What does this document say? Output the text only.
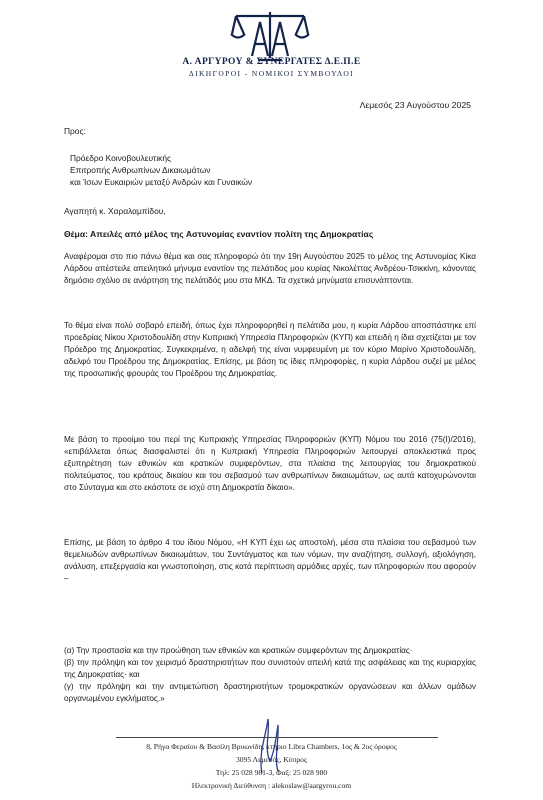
Α. ΑΡΓΥΡΟΥ & ΣΥΝΕΡΓΑΤΕΣ Δ.Ε.Π.Ε
ΔΙΚΗΓΟΡΟΙ - ΝΟΜΙΚΟΙ ΣΥΜΒΟΥΛΟΙ
Λεμεσός 23 Αυγούστου 2025
Προς:
Πρόεδρο Κοινοβουλευτικής
Επιτροπής Ανθρωπίνων Δικαιωμάτων
και Ίσων Ευκαιριών μεταξύ Ανδρών και Γυναικών
Αγαπητή κ. Χαραλαμπίδου,
Θέμα: Απειλές από μέλος της Αστυνομίας εναντίον πολίτη της Δημοκρατίας
Αναφέρομαι στο πιο πάνω θέμα και σας πληροφορώ ότι την 19η Αυγούστου 2025 το μέλος της Αστυνομίας Κίκα Λάρδου απέστειλε απειλητικό μήνυμα εναντίον της πελάτιδος μου κυρίας Νικολέττας Ανδρέου-Τσικκίνη, κάνοντας δημόσιο σχόλιο σε ανάρτηση της πελάτιδός μου στα ΜΚΔ. Τα σχετικά μηνύματα επισυνάπτονται.
Το θέμα είναι πολύ σοβαρό επειδή, όπως έχει πληροφορηθεί η πελάτιδα μου, η κυρία Λάρδου αποσπάστηκε επί προεδρίας Νίκου Χριστοδουλίδη στην Κυπριακή Υπηρεσία Πληροφοριών (ΚΥΠ) και επειδή η ίδια σχετίζεται με τον Πρόεδρο της Δημοκρατίας. Συγκεκριμένα, η αδελφή της είναι νυμφευμένη με τον κύριο Μαρίνο Χριστοδουλίδη, αδελφό του Προέδρου της Δημοκρατίας. Επίσης, με βάση τις ίδιες πληροφορίες, η κυρία Λάρδου συζεί με μέλος της προσωπικής φρουράς του Προέδρου της Δημοκρατίας.
Με βάση το προοίμιο του περί της Κυπριακής Υπηρεσίας Πληροφοριών (ΚΥΠ) Νόμου του 2016 (75(Ι)/2016), «επιβάλλεται όπως διασφαλιστεί ότι η Κυπριακή Υπηρεσία Πληροφοριών λειτουργεί αποκλειστικά προς εξυπηρέτηση των εθνικών και κρατικών συμφερόντων, στα πλαίσια της λειτουργίας του δημοκρατικού πολιτεύματος, του κράτους δικαίου και του σεβασμού των ανθρωπίνων δικαιωμάτων, ως αυτά κατοχυρώνονται στο Σύνταγμα και στο εκάστοτε σε ισχύ στη Δημοκρατία δίκαιο».
Επίσης, με βάση το άρθρο 4 του ίδιου Νόμου, «Η ΚΥΠ έχει ως αποστολή, μέσα στα πλαίσια του σεβασμού των θεμελιωδών ανθρωπίνων δικαιωμάτων, του Συντάγματος και των νόμων, την αναζήτηση, συλλογή, αξιολόγηση, ανάλυση, επεξεργασία και γνωστοποίηση, στις κατά περίπτωση αρμόδιες αρχές, των πληροφοριών που αφορούν –
(α) Την προστασία και την προώθηση των εθνικών και κρατικών συμφερόντων της Δημοκρατίας·
(β) την πρόληψη και τον χειρισμό δραστηριοτήτων που συνιστούν απειλή κατά της ασφάλειας και της κυριαρχίας της Δημοκρατίας· και
(γ) την πρόληψη και την αντιμετώπιση δραστηριοτήτων τρομοκρατικών οργανώσεων και άλλων ομάδων οργανωμένου εγκλήματος.»
8, Ρήγα Φεραίου & Βασίλη Βρυωνίδη, κτήριο Libra Chambers, 1ος & 2ος όροφος
3095 Λεμεσός, Κύπρος
Τηλ: 25 028 981-3, Φαξ: 25 028 980
Ηλεκτρονική Διεύθυνση : alekoslaw@aargyrou.com
